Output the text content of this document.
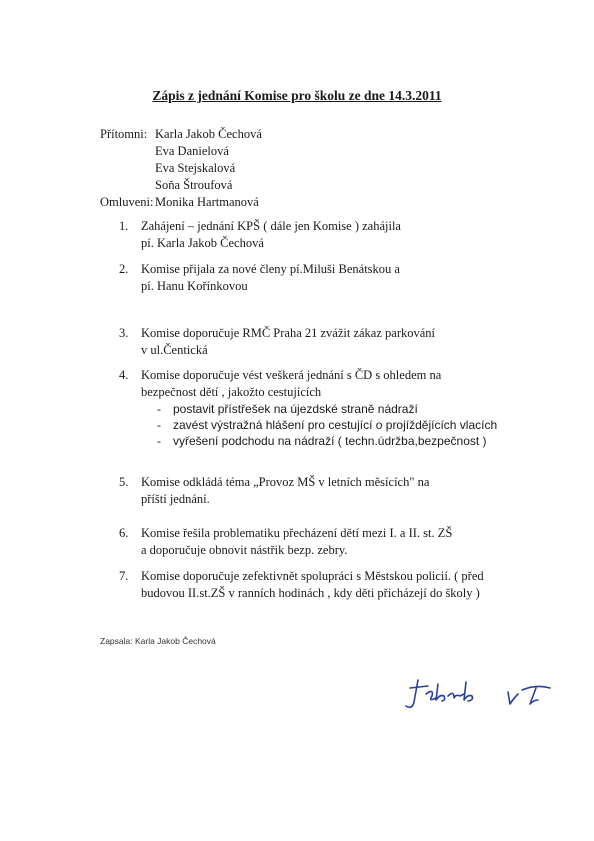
Zápis z jednání Komise pro školu ze dne 14.3.2011
Přítomni: Karla Jakob Čechová
Eva Danielová
Eva Stejskalová
Soňa Štroufová
Omluveni: Monika Hartmanová
1.	Zahájení – jednání KPŠ ( dále jen Komise ) zahájila
pí. Karla Jakob Čechová
2.	Komise přijala za nové členy pí.Miluši Benátskou a
pí. Hanu Kořínkovou
3.	Komise doporučuje RMČ Praha 21 zvážit zákaz parkování
v ul.Čentická
4.	Komise doporučuje vést veškerá jednání s ČD s ohledem na
bezpečnost dětí , jakožto cestujících
-	postavit přístřešek na újezdské straně nádraží
-	zavést výstražná hlášení pro cestující o projíždějících vlacích
-	vyřešení podchodu na nádraží ( techn.údržba,bezpečnost )
5.	Komise odkládá téma „Provoz MŠ v letních měsících" na
příští jednání.
6.	Komise řešila problematiku přecházení dětí mezi I. a II. st. ZŠ
a doporučuje obnovit nástřik bezp. zebry.
7.	Komise doporučuje zefektivnět spolupráci s Městskou policií. ( před
budovou II.st.ZŠ v ranních hodinách , kdy děti přicházejí do školy )
Zapsala: Karla Jakob Čechová
